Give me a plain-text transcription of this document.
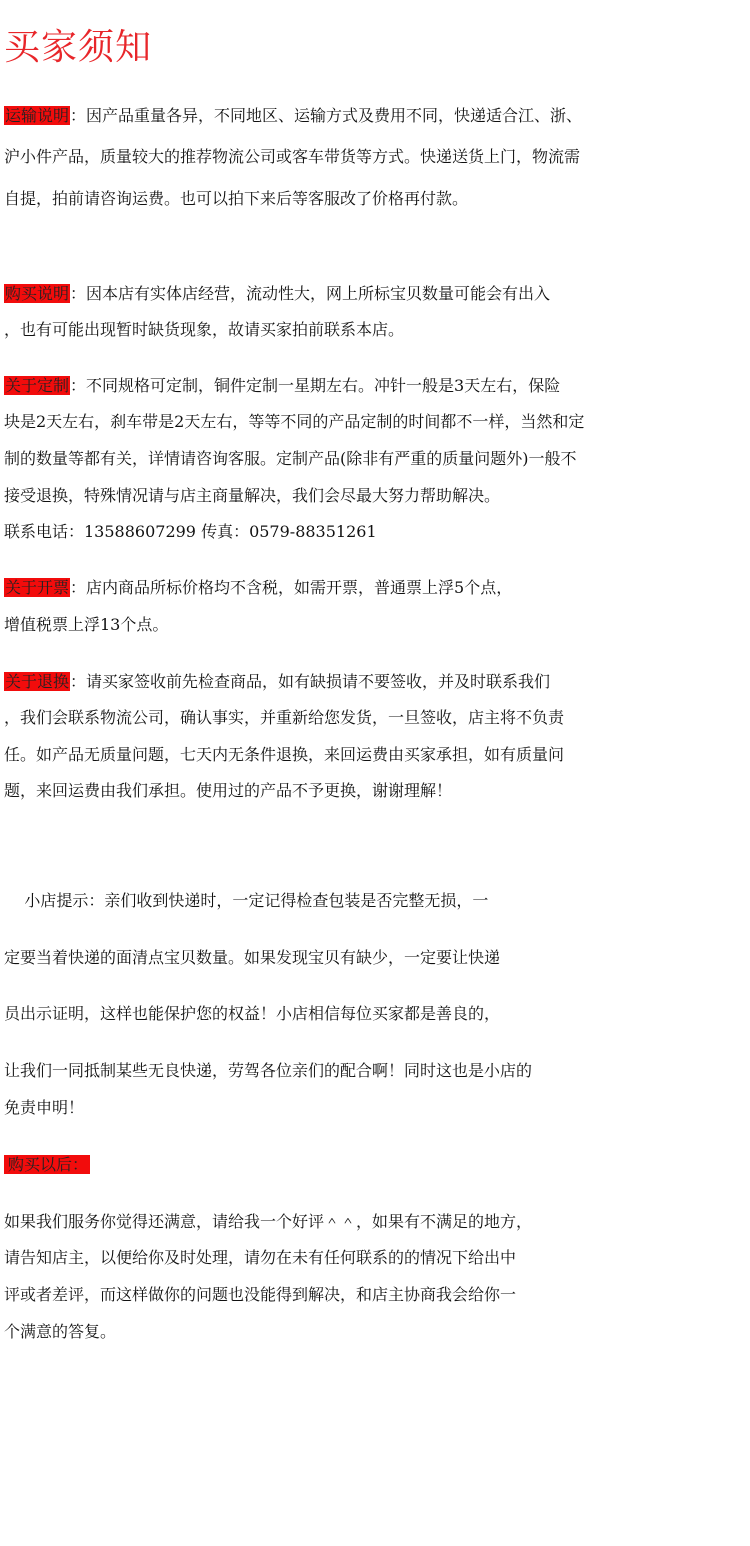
买家须知
运输说明：因产品重量各异，不同地区、运输方式及费用不同，快递适合江、浙、
沪小件产品，质量较大的推荐物流公司或客车带货等方式。快递送货上门，物流需
自提，拍前请咨询运费。也可以拍下来后等客服改了价格再付款。
购买说明：因本店有实体店经营，流动性大，网上所标宝贝数量可能会有出入
，也有可能出现暂时缺货现象，故请买家拍前联系本店。
关于定制：不同规格可定制，铜件定制一星期左右。冲针一般是3天左右，保险
块是2天左右，刹车带是2天左右，等等不同的产品定制的时间都不一样，当然和定
制的数量等都有关，详情请咨询客服。定制产品(除非有严重的质量问题外)一般不
接受退换，特殊情况请与店主商量解决，我们会尽最大努力帮助解决。
联系电话：13588607299 传真：0579-88351261
关于开票：店内商品所标价格均不含税，如需开票，普通票上浮5个点，
增值税票上浮13个点。
关于退换：请买家签收前先检查商品，如有缺损请不要签收，并及时联系我们
，我们会联系物流公司，确认事实，并重新给您发货，一旦签收，店主将不负责
任。如产品无质量问题，七天内无条件退换，来回运费由买家承担，如有质量问
题，来回运费由我们承担。使用过的产品不予更换，谢谢理解！
小店提示：亲们收到快递时，一定记得检查包装是否完整无损，一
定要当着快递的面清点宝贝数量。如果发现宝贝有缺少，一定要让快递
员出示证明，这样也能保护您的权益！小店相信每位买家都是善良的，
让我们一同抵制某些无良快递，劳驾各位亲们的配合啊！同时这也是小店的
免责申明！
购买以后：
如果我们服务你觉得还满意，请给我一个好评＾＾，如果有不满足的地方，
请告知店主，以便给你及时处理，请勿在未有任何联系的的情况下给出中
评或者差评，而这样做你的问题也没能得到解决，和店主协商我会给你一
个满意的答复。
